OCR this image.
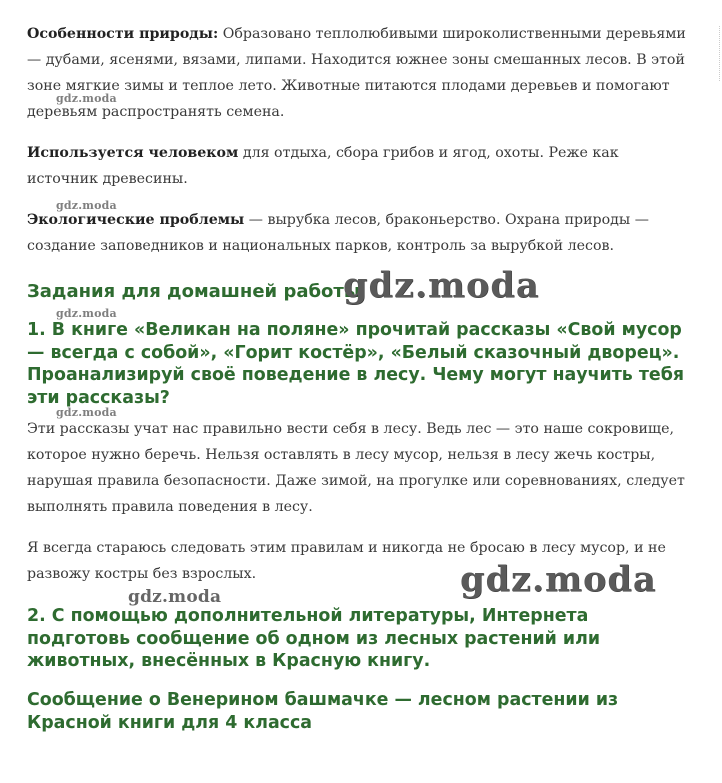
Особенности природы: Образовано теплолюбивыми широколиственными деревьями — дубами, ясенями, вязами, липами. Находится южнее зоны смешанных лесов. В этой зоне мягкие зимы и теплое лето. Животные питаются плодами деревьев и помогают деревьям распространять семена.

Используется человеком для отдыха, сбора грибов и ягод, охоты. Реже как источник древесины.

Экологические проблемы — вырубка лесов, браконьерство. Охрана природы — создание заповедников и национальных парков, контроль за вырубкой лесов.

Задания для домашней работы
1. В книге «Великан на поляне» прочитай рассказы «Свой мусор — всегда с собой», «Горит костёр», «Белый сказочный дворец». Проанализируй своё поведение в лесу. Чему могут научить тебя эти рассказы?

Эти рассказы учат нас правильно вести себя в лесу. Ведь лес — это наше сокровище, которое нужно беречь. Нельзя оставлять в лесу мусор, нельзя в лесу жечь костры, нарушая правила безопасности. Даже зимой, на прогулке или соревнованиях, следует выполнять правила поведения в лесу.

Я всегда стараюсь следовать этим правилам и никогда не бросаю в лесу мусор, и не развожу костры без взрослых.

2. С помощью дополнительной литературы, Интернета подготовь сообщение об одном из лесных растений или животных, внесённых в Красную книгу.
Сообщение о Венерином башмачке — лесном растении из Красной книги для 4 класса
gdz.moda
gdz.moda
gdz.moda
gdz.moda
gdz.moda
gdz.moda
gdz.moda
